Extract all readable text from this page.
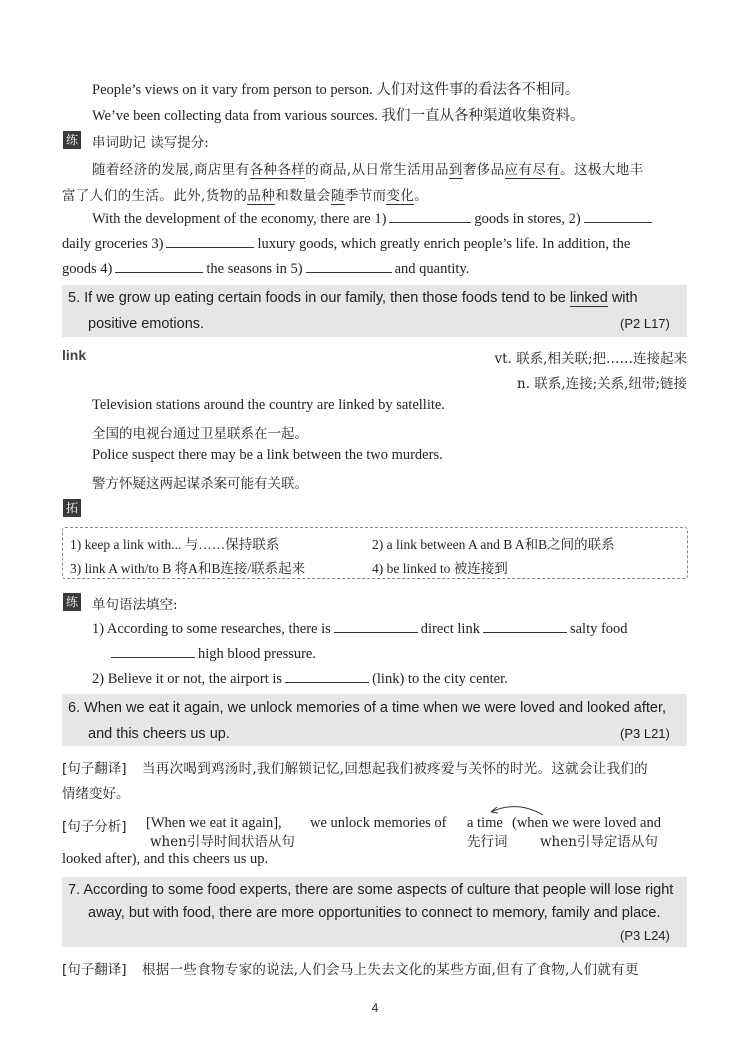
People’s views on it vary from person to person. 人们对这件事的看法各不相同。
We’ve been collecting data from various sources. 我们一直从各种渠道收集资料。
练 串词助记 读写提分:
随着经济的发展,商店里有各种各样的商品,从日常生活用品到奢侈品应有尽有。这极大地丰
富了人们的生活。此外,货物的品种和数量会随季节而变化。
With the development of the economy, there are 1)	goods in stores, 2)
daily groceries 3)	luxury goods, which greatly enrich people’s life. In addition, the
goods 4)	the seasons in 5)	and quantity.
5. If we grow up eating certain foods in our family, then those foods tend to be linked with
positive emotions.	(P2 L17)
link	vt. 联系,相关联;把……连接起来
n. 联系,连接;关系,纽带;链接
Television stations around the country are linked by satellite.
全国的电视台通过卫星联系在一起。
Police suspect there may be a link between the two murders.
警方怀疑这两起谋杀案可能有关联。
拓
1) keep a link with... 与……保持联系	2) a link between A and B A和B之间的联系
3) link A with/to B 将A和B连接/联系起来	4) be linked to 被连接到
练 单句语法填空:
1) According to some researches, there is	direct link	salty food
high blood pressure.
2) Believe it or not, the airport is	(link) to the city center.
6. When we eat it again, we unlock memories of a time when we were loved and looked after,
and this cheers us up.	(P3 L21)
[句子翻译] 当再次喝到鸡汤时,我们解锁记忆,回想起我们被疼爱与关怀的时光。这就会让我们的
情绪变好。
[句子分析] [When we eat it again], we unlock memories of a time (when we were loved and
looked after), and this cheers us up.
when引导时间状语从句	先行词 when引导定语从句
7. According to some food experts, there are some aspects of culture that people will lose right
away, but with food, there are more opportunities to connect to memory, family and place.
(P3 L24)
[句子翻译] 根据一些食物专家的说法,人们会马上失去文化的某些方面,但有了食物,人们就有更
4
